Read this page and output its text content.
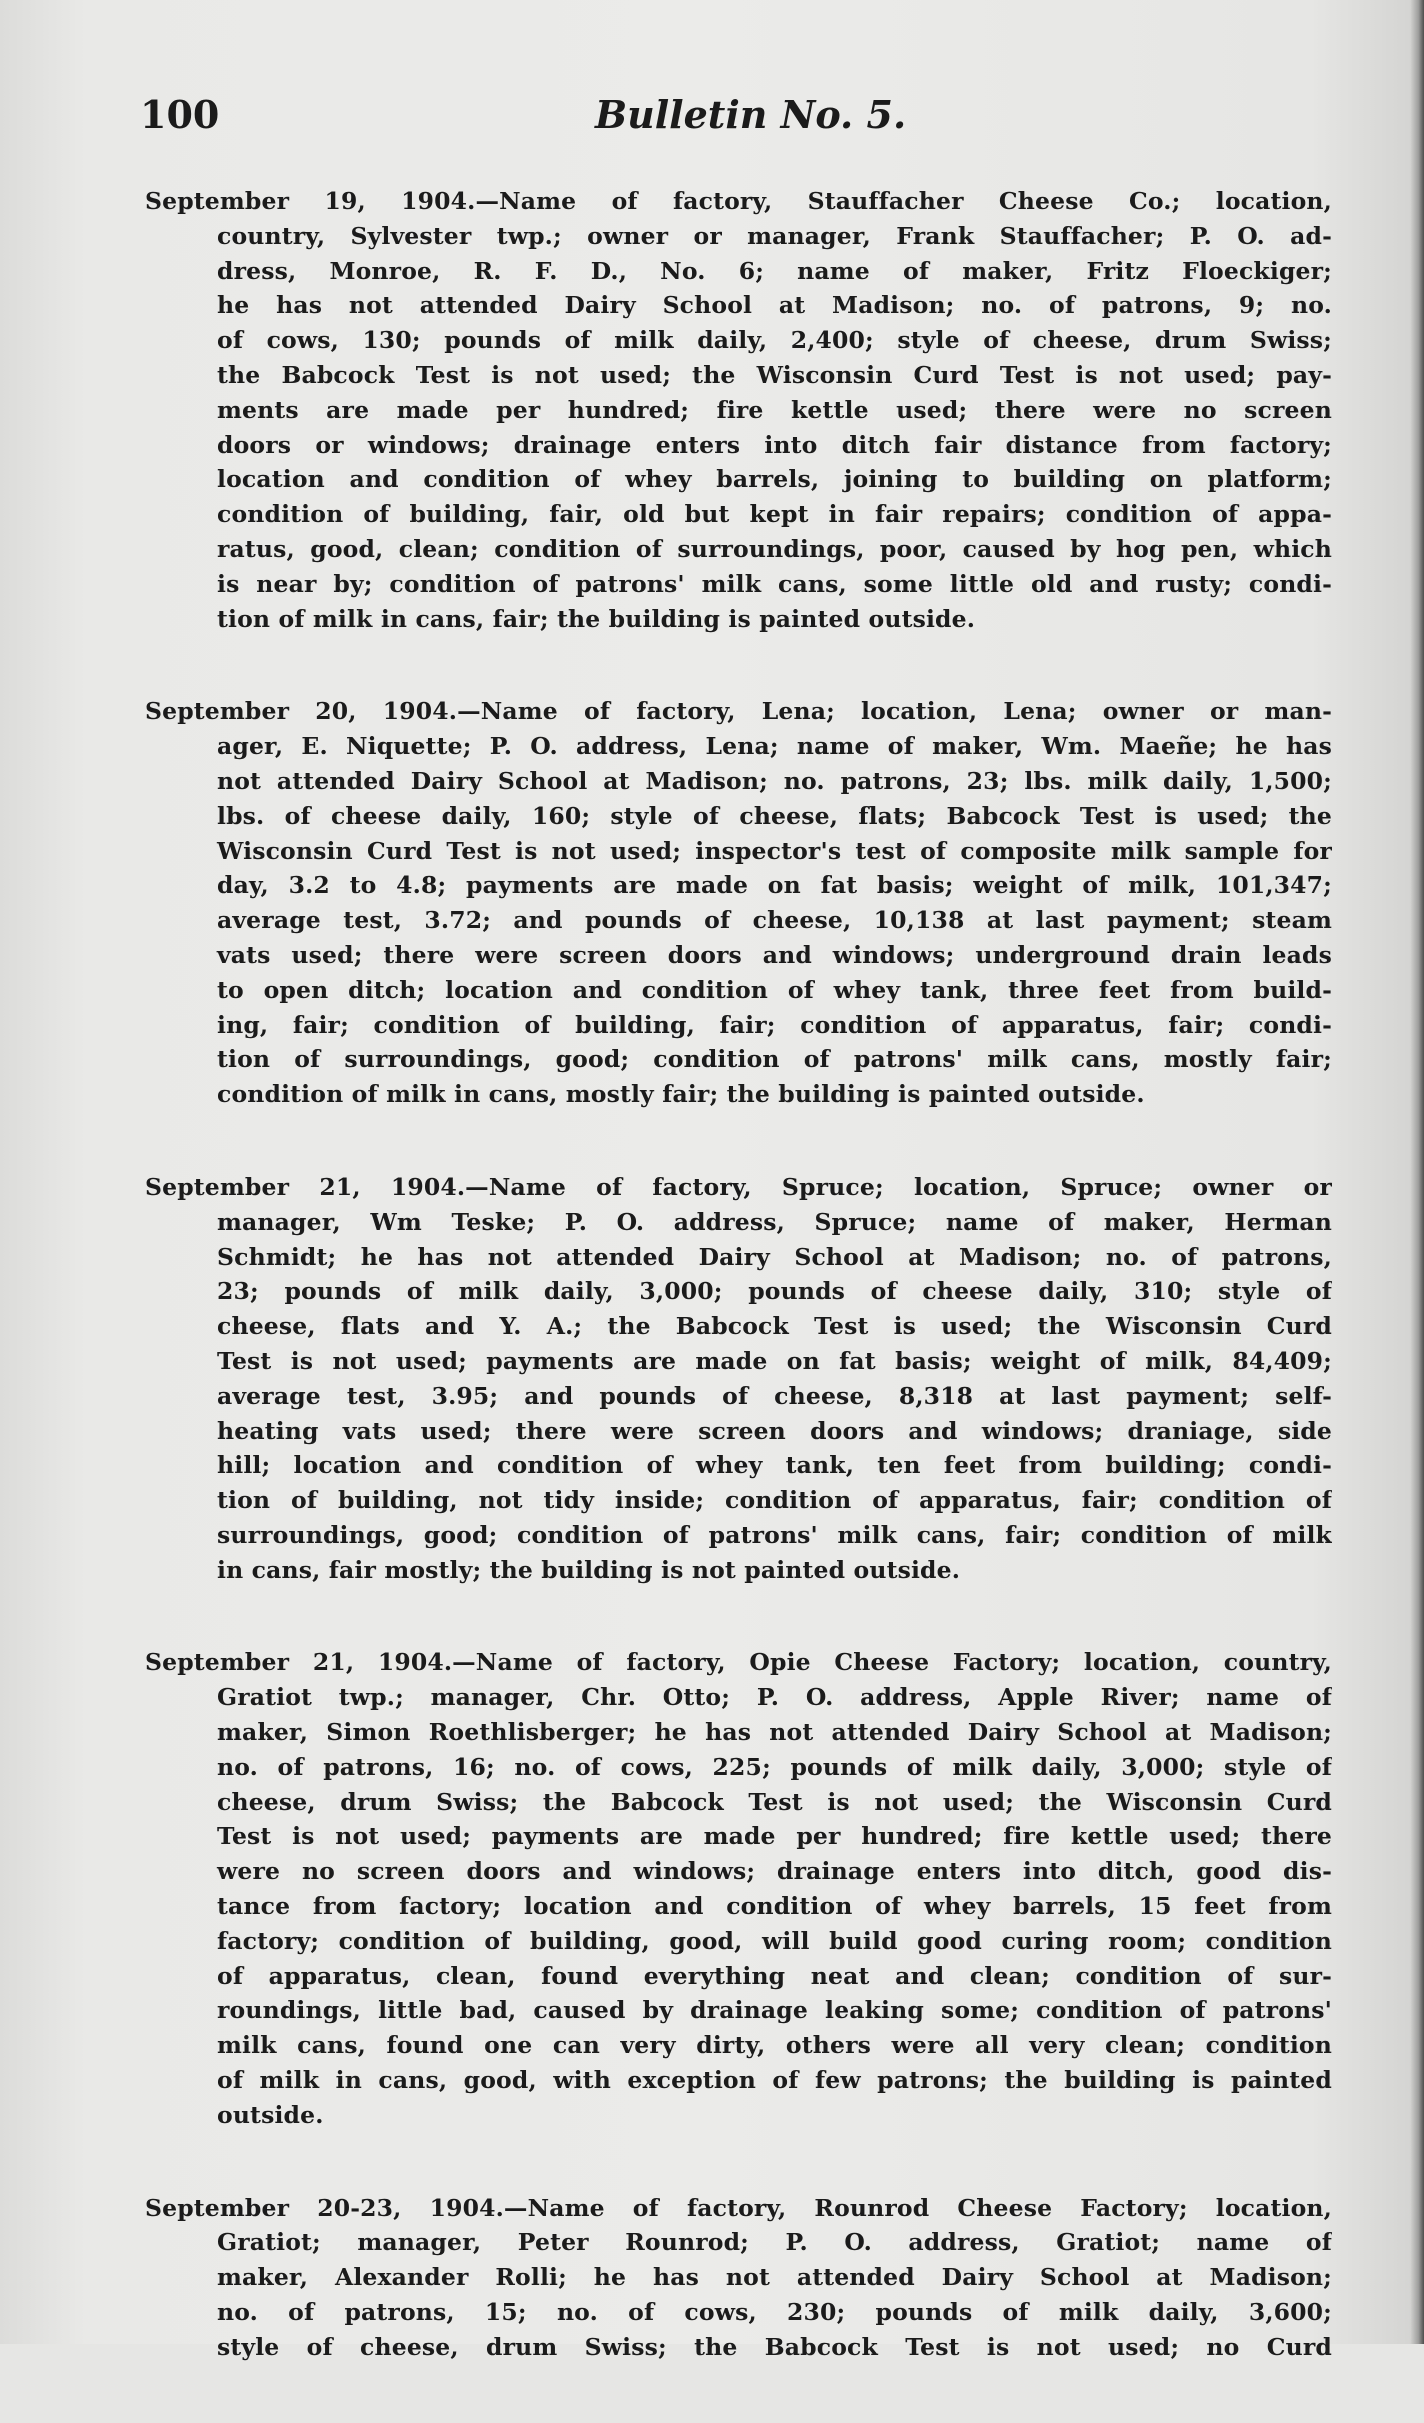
100	Bulletin No. 5.
September 19, 1904.—Name of factory, Stauffacher Cheese Co.; location,
country, Sylvester twp.; owner or manager, Frank Stauffacher; P. O. ad-
dress, Monroe, R. F. D., No. 6; name of maker, Fritz Floeckiger;
he has not attended Dairy School at Madison; no. of patrons, 9; no.
of cows, 130; pounds of milk daily, 2,400; style of cheese, drum Swiss;
the Babcock Test is not used; the Wisconsin Curd Test is not used; pay-
ments are made per hundred; fire kettle used; there were no screen
doors or windows; drainage enters into ditch fair distance from factory;
location and condition of whey barrels, joining to building on platform;
condition of building, fair, old but kept in fair repairs; condition of appa-
ratus, good, clean; condition of surroundings, poor, caused by hog pen, which
is near by; condition of patrons' milk cans, some little old and rusty; condi-
tion of milk in cans, fair; the building is painted outside.
September 20, 1904.—Name of factory, Lena; location, Lena; owner or man-
ager, E. Niquette; P. O. address, Lena; name of maker, Wm. Maeñe; he has
not attended Dairy School at Madison; no. patrons, 23; lbs. milk daily, 1,500;
lbs. of cheese daily, 160; style of cheese, flats; Babcock Test is used; the
Wisconsin Curd Test is not used; inspector's test of composite milk sample for
day, 3.2 to 4.8; payments are made on fat basis; weight of milk, 101,347;
average test, 3.72; and pounds of cheese, 10,138 at last payment; steam
vats used; there were screen doors and windows; underground drain leads
to open ditch; location and condition of whey tank, three feet from build-
ing, fair; condition of building, fair; condition of apparatus, fair; condi-
tion of surroundings, good; condition of patrons' milk cans, mostly fair;
condition of milk in cans, mostly fair; the building is painted outside.
September 21, 1904.—Name of factory, Spruce; location, Spruce; owner or
manager, Wm Teske; P. O. address, Spruce; name of maker, Herman
Schmidt; he has not attended Dairy School at Madison; no. of patrons,
23; pounds of milk daily, 3,000; pounds of cheese daily, 310; style of
cheese, flats and Y. A.; the Babcock Test is used; the Wisconsin Curd
Test is not used; payments are made on fat basis; weight of milk, 84,409;
average test, 3.95; and pounds of cheese, 8,318 at last payment; self-
heating vats used; there were screen doors and windows; draniage, side
hill; location and condition of whey tank, ten feet from building; condi-
tion of building, not tidy inside; condition of apparatus, fair; condition of
surroundings, good; condition of patrons' milk cans, fair; condition of milk
in cans, fair mostly; the building is not painted outside.
September 21, 1904.—Name of factory, Opie Cheese Factory; location, country,
Gratiot twp.; manager, Chr. Otto; P. O. address, Apple River; name of
maker, Simon Roethlisberger; he has not attended Dairy School at Madison;
no. of patrons, 16; no. of cows, 225; pounds of milk daily, 3,000; style of
cheese, drum Swiss; the Babcock Test is not used; the Wisconsin Curd
Test is not used; payments are made per hundred; fire kettle used; there
were no screen doors and windows; drainage enters into ditch, good dis-
tance from factory; location and condition of whey barrels, 15 feet from
factory; condition of building, good, will build good curing room; condition
of apparatus, clean, found everything neat and clean; condition of sur-
roundings, little bad, caused by drainage leaking some; condition of patrons'
milk cans, found one can very dirty, others were all very clean; condition
of milk in cans, good, with exception of few patrons; the building is painted
outside.
September 20-23, 1904.—Name of factory, Rounrod Cheese Factory; location,
Gratiot; manager, Peter Rounrod; P. O. address, Gratiot; name of
maker, Alexander Rolli; he has not attended Dairy School at Madison;
no. of patrons, 15; no. of cows, 230; pounds of milk daily, 3,600;
style of cheese, drum Swiss; the Babcock Test is not used; no Curd
